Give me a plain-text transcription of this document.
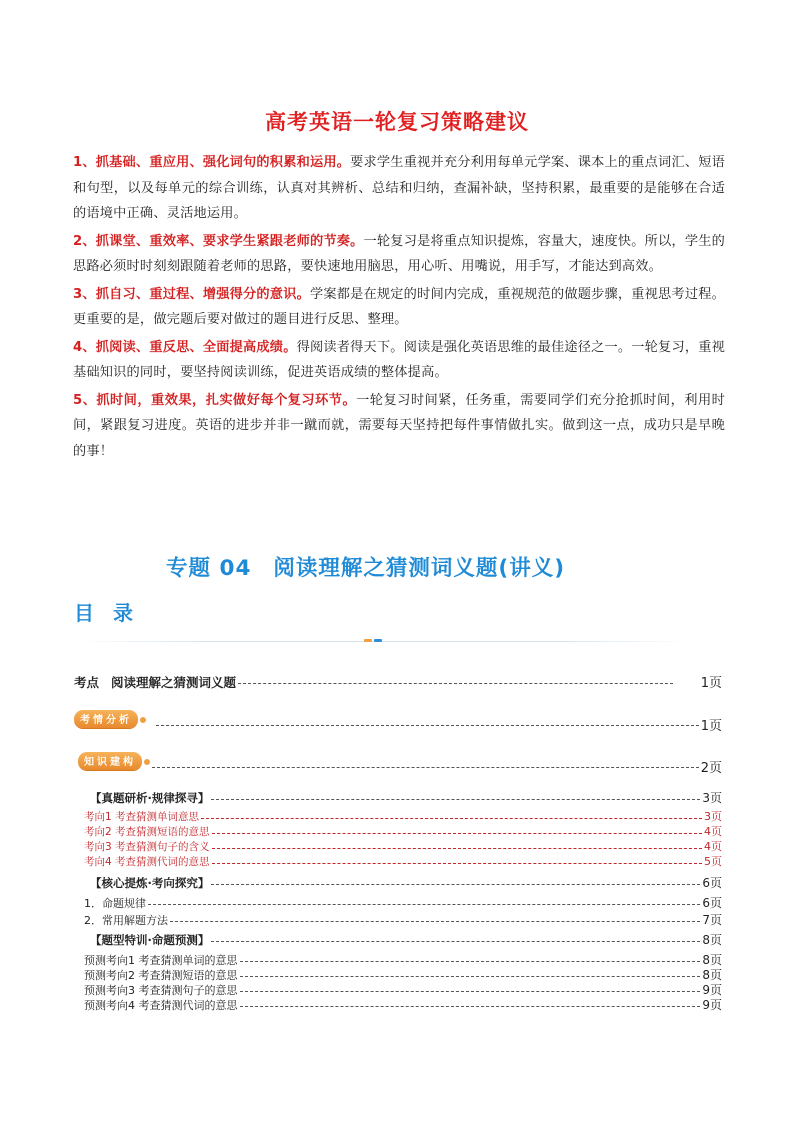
高考英语一轮复习策略建议

1、抓基础、重应用、强化词句的积累和运用。要求学生重视并充分利用每单元学案、课本上的重点词汇、短语和句型，以及每单元的综合训练，认真对其辨析、总结和归纳，查漏补缺，坚持积累，最重要的是能够在合适的语境中正确、灵活地运用。

2、抓课堂、重效率、要求学生紧跟老师的节奏。一轮复习是将重点知识提炼，容量大，速度快。所以，学生的思路必须时时刻刻跟随着老师的思路，要快速地用脑思，用心听、用嘴说，用手写，才能达到高效。

3、抓自习、重过程、增强得分的意识。学案都是在规定的时间内完成，重视规范的做题步骤，重视思考过程。更重要的是，做完题后要对做过的题目进行反思、整理。

4、抓阅读、重反思、全面提高成绩。得阅读者得天下。阅读是强化英语思维的最佳途径之一。一轮复习，重视基础知识的同时，要坚持阅读训练，促进英语成绩的整体提高。

5、抓时间，重效果，扎实做好每个复习环节。一轮复习时间紧，任务重，需要同学们充分抢抓时间，利用时间，紧跟复习进度。英语的进步并非一蹴而就，需要每天坚持把每件事情做扎实。做到这一点，成功只是早晚的事！

专题 04 阅读理解之猜测词义题(讲义)
目 录
考点 阅读理解之猜测词义题	1页
考情分析	1页
知识建构	2页
【真题研析·规律探寻】	3页
考向1 考查猜测单词意思	3页
考向2 考查猜测短语的意思	4页
考向3 考查猜测句子的含义	4页
考向4 考查猜测代词的意思	5页
【核心提炼·考向探究】	6页
1．命题规律	6页
2．常用解题方法	7页
【题型特训·命题预测】	8页
预测考向1 考查猜测单词的意思	8页
预测考向2 考查猜测短语的意思	8页
预测考向3 考查猜测句子的意思	9页
预测考向4 考查猜测代词的意思	9页
